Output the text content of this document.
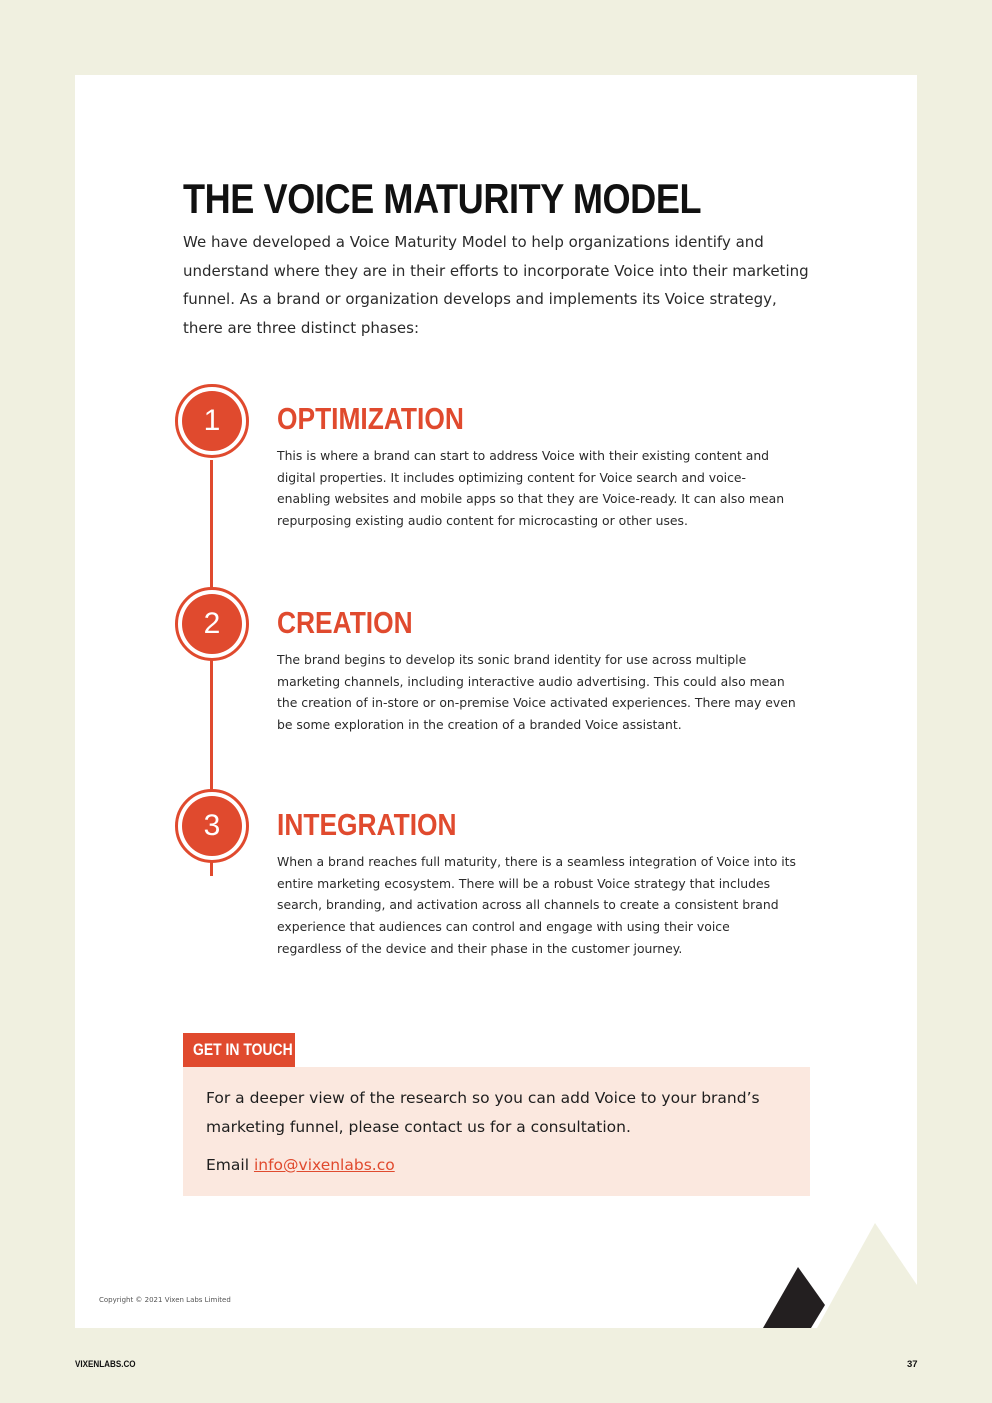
THE VOICE MATURITY MODEL

We have developed a Voice Maturity Model to help organizations identify and understand where they are in their efforts to incorporate Voice into their marketing funnel. As a brand or organization develops and implements its Voice strategy, there are three distinct phases:

1	OPTIMIZATION

This is where a brand can start to address Voice with their existing content and digital properties. It includes optimizing content for Voice search and voice-enabling websites and mobile apps so that they are Voice-ready. It can also mean repurposing existing audio content for microcasting or other uses.

2	CREATION

The brand begins to develop its sonic brand identity for use across multiple marketing channels, including interactive audio advertising. This could also mean the creation of in-store or on-premise Voice activated experiences. There may even be some exploration in the creation of a branded Voice assistant.

3	INTEGRATION

When a brand reaches full maturity, there is a seamless integration of Voice into its entire marketing ecosystem. There will be a robust Voice strategy that includes search, branding, and activation across all channels to create a consistent brand experience that audiences can control and engage with using their voice regardless of the device and their phase in the customer journey.

GET IN TOUCH

For a deeper view of the research so you can add Voice to your brand’s marketing funnel, please contact us for a consultation.

Email info@vixenlabs.co

Copyright © 2021 Vixen Labs Limited
VIXENLABS.CO	37
